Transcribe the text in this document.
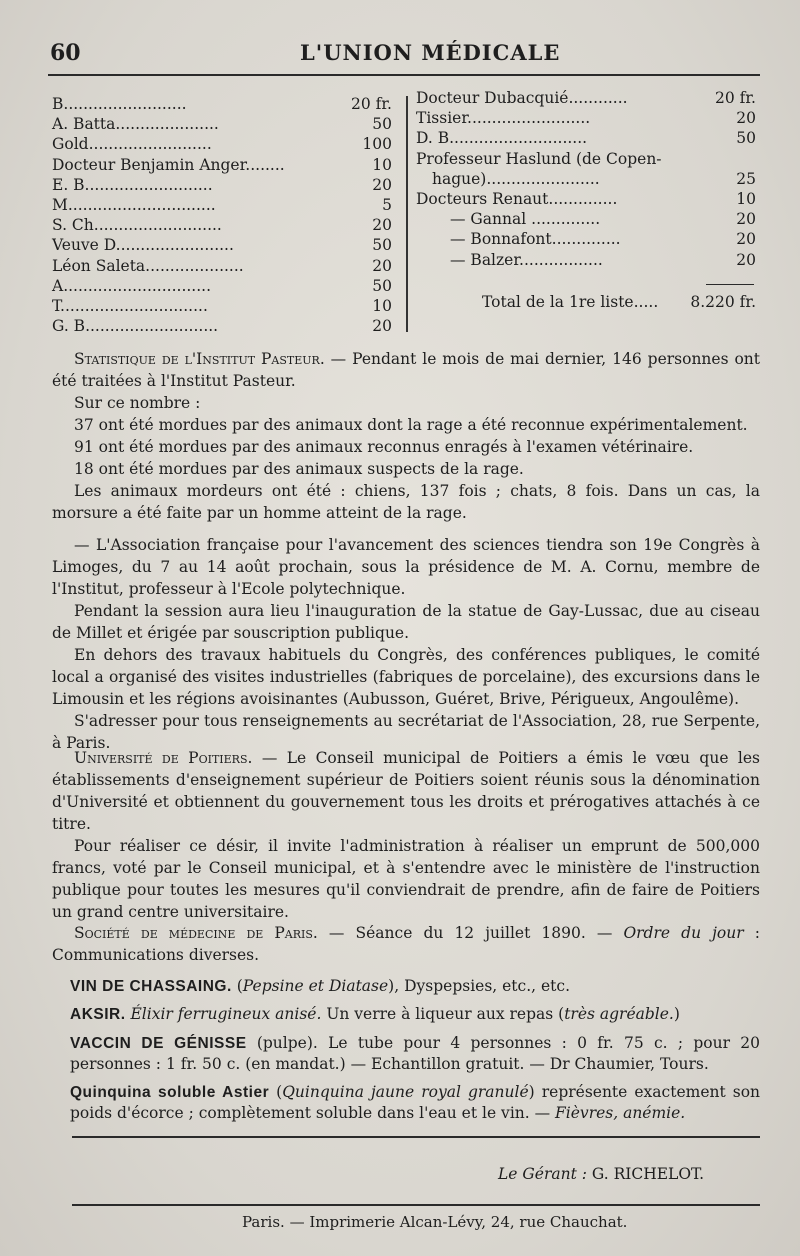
60	L'UNION MÉDICALE
B.........................	20 fr.
A. Batta.....................	50
Gold.........................	100
Docteur Benjamin Anger........	10
E. B..........................	20
M..............................	5
S. Ch..........................	20
Veuve D........................	50
Léon Saleta....................	20
A..............................	50
T..............................	10
G. B...........................	20
Docteur Dubacquié............	20 fr.
Tissier.........................	20
D. B............................	50
Professeur Haslund (de Copen-
hague).......................	25
Docteurs Renaut..............	10
— Gannal ..............	20
— Bonnafont..............	20
— Balzer.................	20
Total de la 1re liste..... 8.220 fr.
Statistique de l'Institut Pasteur. — Pendant le mois de mai dernier, 146 personnes ont été traitées à l'Institut Pasteur.
Sur ce nombre :
37 ont été mordues par des animaux dont la rage a été reconnue expérimentalement.
91 ont été mordues par des animaux reconnus enragés à l'examen vétérinaire.
18 ont été mordues par des animaux suspects de la rage.
Les animaux mordeurs ont été : chiens, 137 fois ; chats, 8 fois. Dans un cas, la morsure a été faite par un homme atteint de la rage.
— L'Association française pour l'avancement des sciences tiendra son 19e Congrès à Limoges, du 7 au 14 août prochain, sous la présidence de M. A. Cornu, membre de l'Institut, professeur à l'Ecole polytechnique.
Pendant la session aura lieu l'inauguration de la statue de Gay-Lussac, due au ciseau de Millet et érigée par souscription publique.
En dehors des travaux habituels du Congrès, des conférences publiques, le comité local a organisé des visites industrielles (fabriques de porcelaine), des excursions dans le Limousin et les régions avoisinantes (Aubusson, Guéret, Brive, Périgueux, Angoulême).
S'adresser pour tous renseignements au secrétariat de l'Association, 28, rue Serpente, à Paris.
Université de Poitiers. — Le Conseil municipal de Poitiers a émis le vœu que les établissements d'enseignement supérieur de Poitiers soient réunis sous la dénomination d'Université et obtiennent du gouvernement tous les droits et prérogatives attachés à ce titre.
Pour réaliser ce désir, il invite l'administration à réaliser un emprunt de 500,000 francs, voté par le Conseil municipal, et à s'entendre avec le ministère de l'instruction publique pour toutes les mesures qu'il conviendrait de prendre, afin de faire de Poitiers un grand centre universitaire.
Société de médecine de Paris. — Séance du 12 juillet 1890. — Ordre du jour : Communications diverses.
VIN DE CHASSAING. (Pepsine et Diatase), Dyspepsies, etc., etc.
AKSIR. Élixir ferrugineux anisé. Un verre à liqueur aux repas (très agréable.)
VACCIN DE GÉNISSE (pulpe). Le tube pour 4 personnes : 0 fr. 75 c. ; pour 20 personnes : 1 fr. 50 c. (en mandat.) — Echantillon gratuit. — Dr Chaumier, Tours.
Quinquina soluble Astier (Quinquina jaune royal granulé) représente exactement son poids d'écorce ; complètement soluble dans l'eau et le vin. — Fièvres, anémie.
Le Gérant : G. RICHELOT.
Paris. — Imprimerie Alcan-Lévy, 24, rue Chauchat.
